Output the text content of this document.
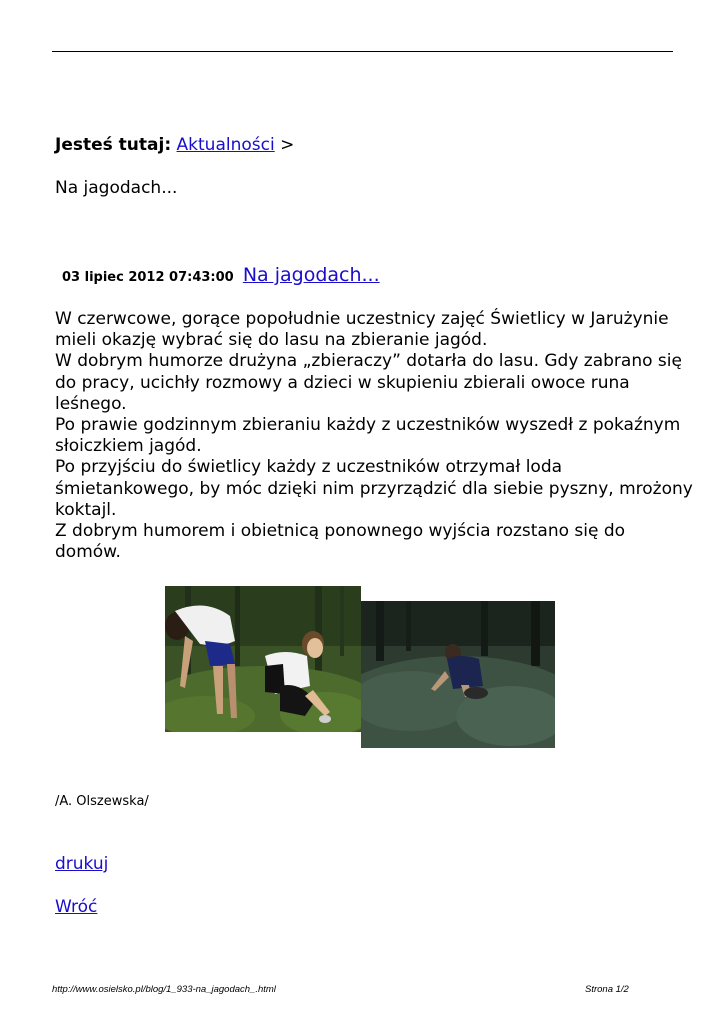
Jesteś tutaj: Aktualności >
Na jagodach...
03 lipiec 2012 07:43:00 Na jagodach...

W czerwcowe, gorące popołudnie uczestnicy zajęć Świetlicy w Jarużynie mieli okazję wybrać się do lasu na zbieranie jagód.

W dobrym humorze drużyna „zbieraczy” dotarła do lasu. Gdy zabrano się do pracy, ucichły rozmowy a dzieci w skupieniu zbierali owoce runa leśnego.

Po prawie godzinnym zbieraniu każdy z uczestników wyszedł z pokaźnym słoiczkiem jagód.

Po przyjściu do świetlicy każdy z uczestników otrzymał loda śmietankowego, by móc dzięki nim przyrządzić dla siebie pyszny, mrożony koktajl.

Z dobrym humorem i obietnicą ponownego wyjścia rozstano się do domów.

/A. Olszewska/
drukuj
Wróć
http://www.osielsko.pl/blog/1_933-na_jagodach_.html	Strona 1/2
